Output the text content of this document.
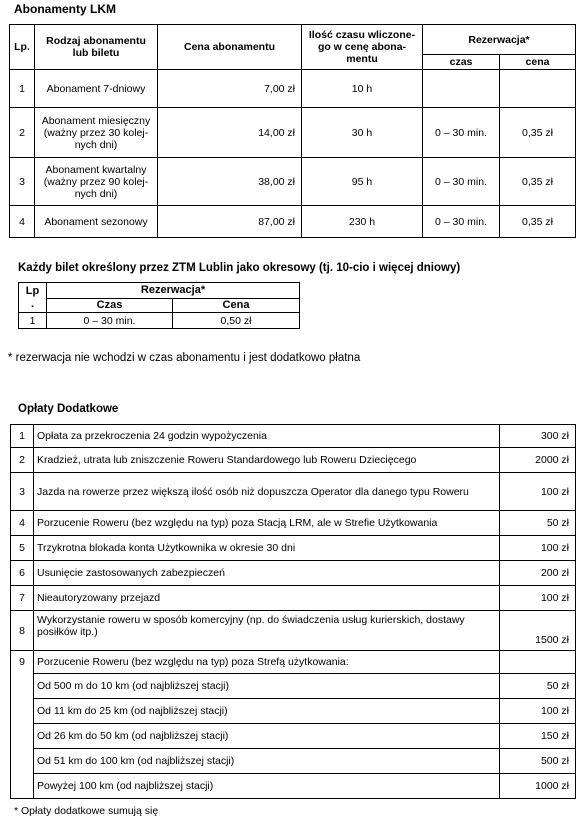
Abonamenty LKM
Lp.	Rodzaj abonamentu lub biletu	Cena abonamentu	Ilość czasu wliczone- go w cenę abona- mentu	Rezerwacja*	
				czas	cena
1	Abonament 7-dniowy	7,00 zł	10 h		
2	Abonament miesięczny (ważny przez 30 kolej- nych dni)	14,00 zł	30 h	0 – 30 min.	0,35 zł
3	Abonament kwartalny (ważny przez 90 kolej- nych dni)	38,00 zł	95 h	0 – 30 min.	0,35 zł
4	Abonament sezonowy	87,00 zł	230 h	0 – 30 min.	0,35 zł
Każdy bilet określony przez ZTM Lublin jako okresowy (tj. 10-cio i więcej dniowy)
Lp .	Rezerwacja*	
	Czas	Cena
1	0 – 30 min.	0,50 zł
* rezerwacja nie wchodzi w czas abonamentu i jest dodatkowo płatna
Opłaty Dodatkowe
1	Opłata za przekroczenia 24 godzin wypożyczenia	300 zł
2	Kradzież, utrata lub zniszczenie Roweru Standardowego lub Roweru Dziecięcego	2000 zł
3	Jazda na rowerze przez większą ilość osób niż dopuszcza Operator dla danego typu Roweru	100 zł
4	Porzucenie Roweru (bez względu na typ) poza Stacją LRM, ale w Strefie Użytkowania	50 zł
5	Trzykrotna blokada konta Użytkownika w okresie 30 dni	100 zł
6	Usunięcie zastosowanych zabezpieczeń	200 zł
7	Nieautoryzowany przejazd	100 zł
8	Wykorzystanie roweru w sposób komercyjny (np. do świadczenia usług kurierskich, dostawy posiłków itp.)	1500 zł
9	Porzucenie Roweru (bez względu na typ) poza Strefą użytkowania:	
	Od 500 m do 10 km (od najbliższej stacji)	50 zł
	Od 11 km do 25 km (od najbliższej stacji)	100 zł
	Od 26 km do 50 km (od najbliższej stacji)	150 zł
	Od 51 km do 100 km (od najbliższej stacji)	500 zł
	Powyżej 100 km (od najbliższej stacji)	1000 zł
* Opłaty dodatkowe sumują się
